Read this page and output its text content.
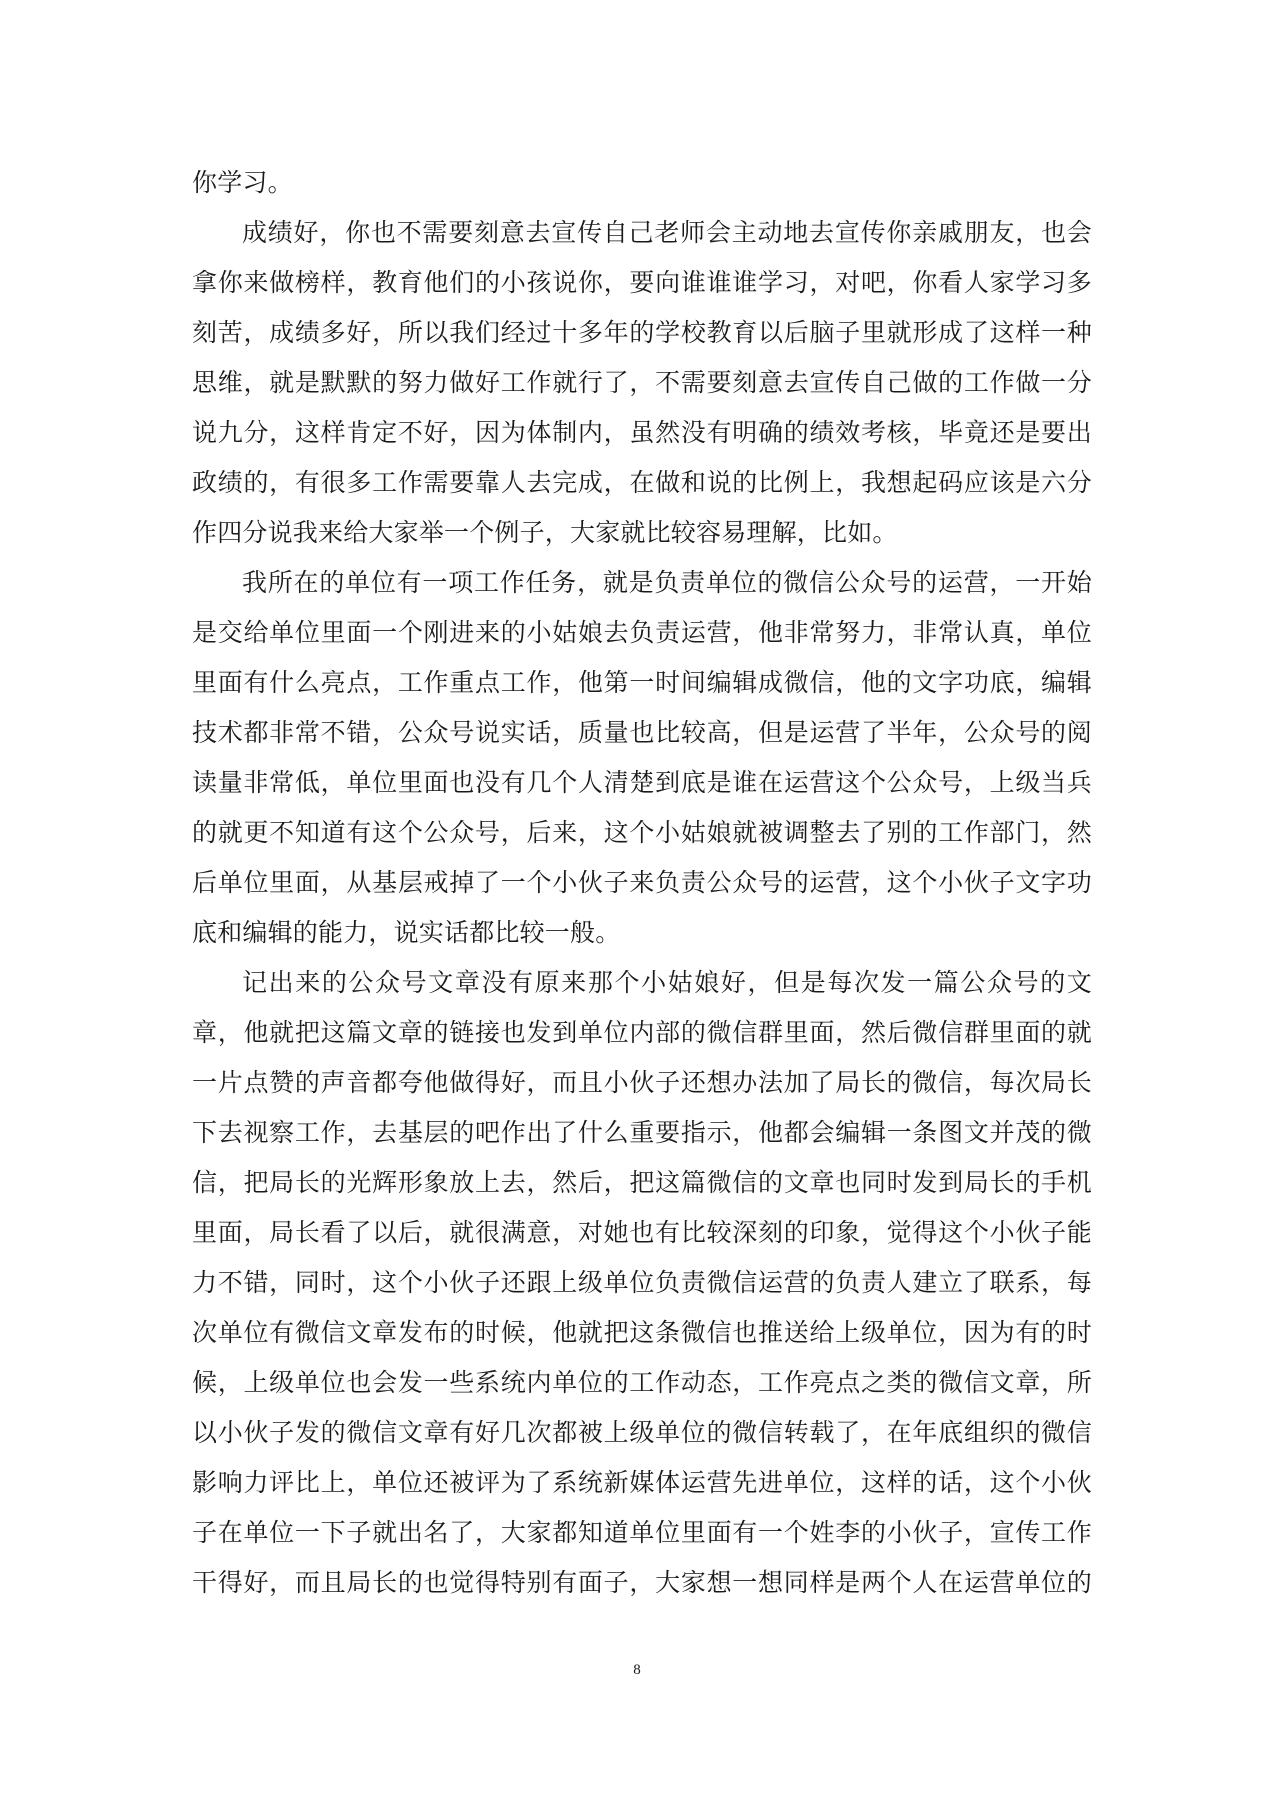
你学习。
成绩好，你也不需要刻意去宣传自己老师会主动地去宣传你亲戚朋友，也会
拿你来做榜样，教育他们的小孩说你，要向谁谁谁学习，对吧，你看人家学习多
刻苦，成绩多好，所以我们经过十多年的学校教育以后脑子里就形成了这样一种
思维，就是默默的努力做好工作就行了，不需要刻意去宣传自己做的工作做一分
说九分，这样肯定不好，因为体制内，虽然没有明确的绩效考核，毕竟还是要出
政绩的，有很多工作需要靠人去完成，在做和说的比例上，我想起码应该是六分
作四分说我来给大家举一个例子，大家就比较容易理解，比如。
我所在的单位有一项工作任务，就是负责单位的微信公众号的运营，一开始
是交给单位里面一个刚进来的小姑娘去负责运营，他非常努力，非常认真，单位
里面有什么亮点，工作重点工作，他第一时间编辑成微信，他的文字功底，编辑
技术都非常不错，公众号说实话，质量也比较高，但是运营了半年，公众号的阅
读量非常低，单位里面也没有几个人清楚到底是谁在运营这个公众号，上级当兵
的就更不知道有这个公众号，后来，这个小姑娘就被调整去了别的工作部门，然
后单位里面，从基层戒掉了一个小伙子来负责公众号的运营，这个小伙子文字功
底和编辑的能力，说实话都比较一般。
记出来的公众号文章没有原来那个小姑娘好，但是每次发一篇公众号的文
章，他就把这篇文章的链接也发到单位内部的微信群里面，然后微信群里面的就
一片点赞的声音都夸他做得好，而且小伙子还想办法加了局长的微信，每次局长
下去视察工作，去基层的吧作出了什么重要指示，他都会编辑一条图文并茂的微
信，把局长的光辉形象放上去，然后，把这篇微信的文章也同时发到局长的手机
里面，局长看了以后，就很满意，对她也有比较深刻的印象，觉得这个小伙子能
力不错，同时，这个小伙子还跟上级单位负责微信运营的负责人建立了联系，每
次单位有微信文章发布的时候，他就把这条微信也推送给上级单位，因为有的时
候，上级单位也会发一些系统内单位的工作动态，工作亮点之类的微信文章，所
以小伙子发的微信文章有好几次都被上级单位的微信转载了，在年底组织的微信
影响力评比上，单位还被评为了系统新媒体运营先进单位，这样的话，这个小伙
子在单位一下子就出名了，大家都知道单位里面有一个姓李的小伙子，宣传工作
干得好，而且局长的也觉得特别有面子，大家想一想同样是两个人在运营单位的
8
